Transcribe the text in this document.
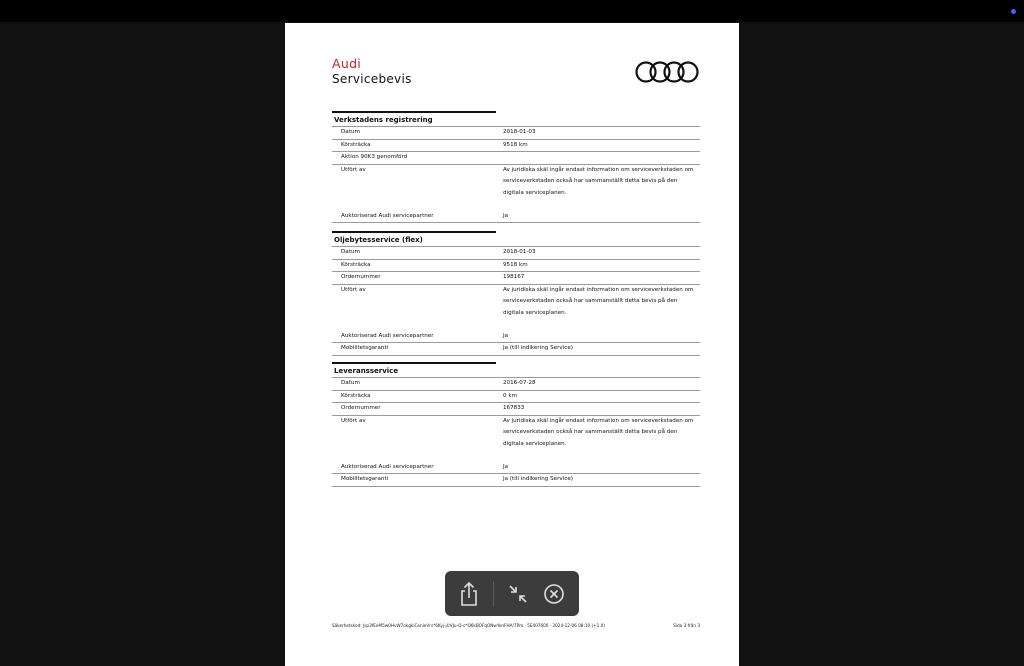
Audi
Servicebevis
Verkstadens registrering
Datum	2018-01-03
Körsträcka	9518 km
Aktion 90K3 genomförd
Utfört av	Av juridiska skäl ingår endast information om serviceverkstaden om
serviceverkstaden också har sammanställt detta bevis på den
digitala serviceplanen.
Auktoriserad Audi servicepartner	Ja
Oljebytesservice (flex)
Datum	2018-01-03
Körsträcka	9518 km
Ordernummer	198167
Utfört av	Av juridiska skäl ingår endast information om serviceverkstaden om
serviceverkstaden också har sammanställt detta bevis på den
digitala serviceplanen.
Auktoriserad Audi servicepartner	Ja
Mobilitetsgaranti	Ja (till indikering Service)
Leveransservice
Datum	2016-07-28
Körsträcka	0 km
Ordernummer	167833
Utfört av	Av juridiska skäl ingår endast information om serviceverkstaden om
serviceverkstaden också har sammanställt detta bevis på den
digitala serviceplanen.
Auktoriserad Audi servicepartner	Ja
Mobilitetsgaranti	Ja (till indikering Service)
Säkerhetskod: Jsp3fEeM5w0HvW7okgkiCenieVrs*6Kyj-jUVJu-Q-c*Q6kBOFqONwYonFHA/7Pm · 5E407600 · 2024-12-06 08:10 (+1.0)	Sida 3 från 3
